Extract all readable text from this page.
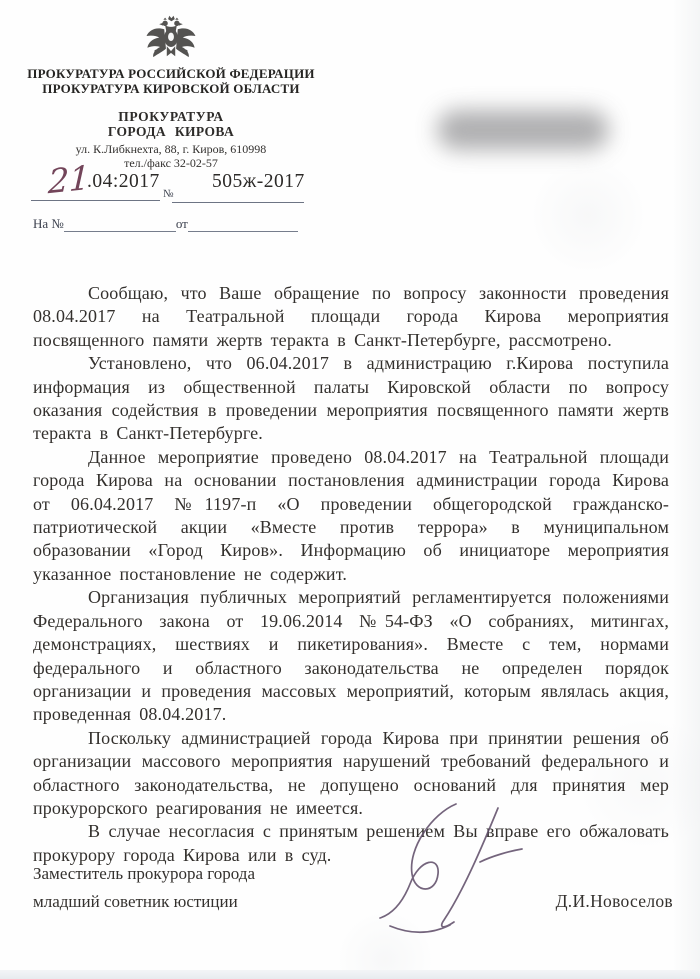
ПРОКУРАТУРА РОССИЙСКОЙ ФЕДЕРАЦИИ
ПРОКУРАТУРА КИРОВСКОЙ ОБЛАСТИ
ПРОКУРАТУРА
ГОРОДА КИРОВА
ул. К.Либкнехта, 88, г. Киров, 610998
тел./факс 32-02-57
21
.04:2017	505ж-2017
№
На №	от

Сообщаю, что Ваше обращение по вопросу законности проведения 08.04.2017 на Театральной площади города Кирова мероприятия посвященного памяти жертв теракта в Санкт-Петербурге, рассмотрено.

Установлено, что 06.04.2017 в администрацию г.Кирова поступила информация из общественной палаты Кировской области по вопросу оказания содействия в проведении мероприятия посвященного памяти жертв теракта в Санкт-Петербурге.

Данное мероприятие проведено 08.04.2017 на Театральной площади города Кирова на основании постановления администрации города Кирова от 06.04.2017 №1197-п «О проведении общегородской гражданско-патриотической акции «Вместе против террора» в муниципальном образовании «Город Киров». Информацию об инициаторе мероприятия указанное постановление не содержит.

Организация публичных мероприятий регламентируется положениями Федерального закона от 19.06.2014 №54-ФЗ «О собраниях, митингах, демонстрациях, шествиях и пикетирования». Вместе с тем, нормами федерального и областного законодательства не определен порядок организации и проведения массовых мероприятий, которым являлась акция, проведенная 08.04.2017.

Поскольку администрацией города Кирова при принятии решения об организации массового мероприятия нарушений требований федерального и областного законодательства, не допущено оснований для принятия мер прокурорского реагирования не имеется.

В случае несогласия с принятым решением Вы вправе его обжаловать прокурору города Кирова или в суд.

Заместитель прокурора города
младший советник юстиции	Д.И.Новоселов
